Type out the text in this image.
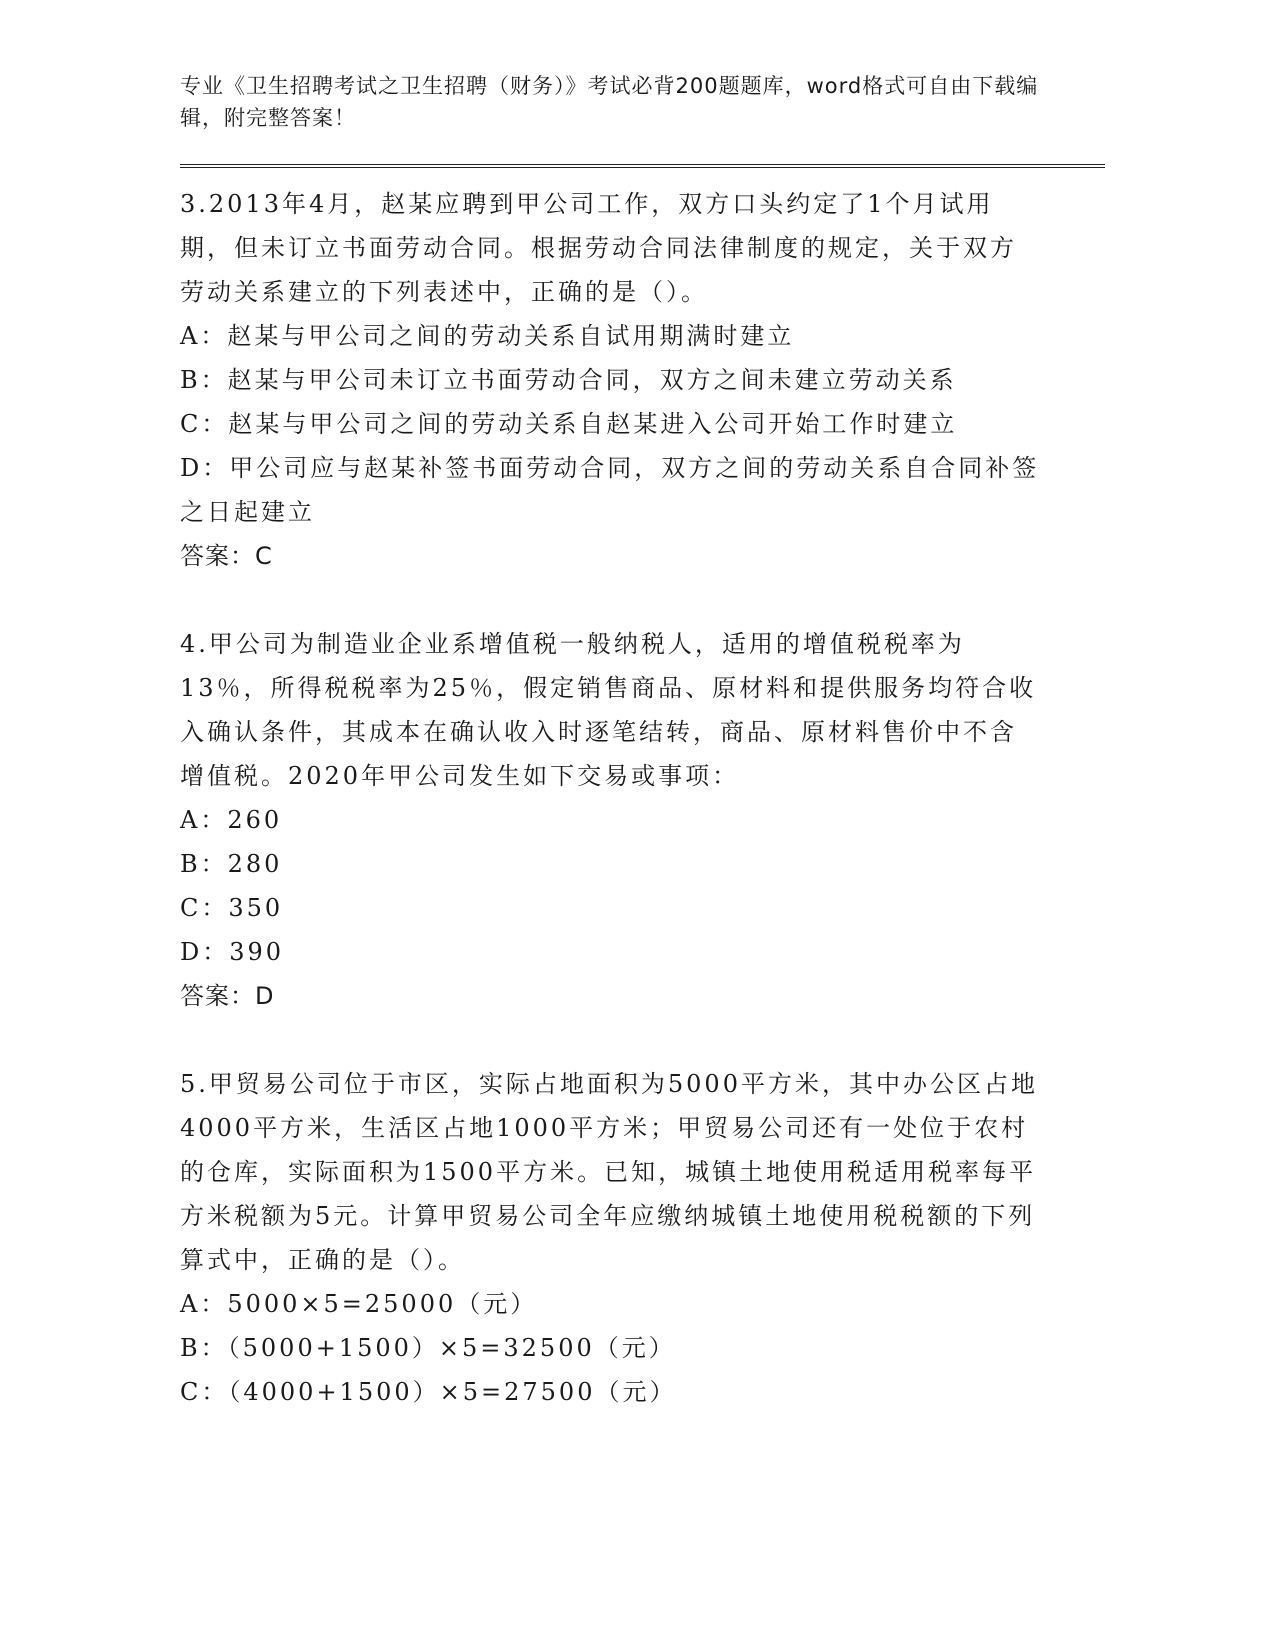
专业《卫生招聘考试之卫生招聘（财务）》考试必背200题题库，word格式可自由下载编辑，附完整答案！

3.2013年4月，赵某应聘到甲公司工作，双方口头约定了1个月试用期，但未订立书面劳动合同。根据劳动合同法律制度的规定，关于双方劳动关系建立的下列表述中，正确的是（）。

A：赵某与甲公司之间的劳动关系自试用期满时建立

B：赵某与甲公司未订立书面劳动合同，双方之间未建立劳动关系

C：赵某与甲公司之间的劳动关系自赵某进入公司开始工作时建立

D：甲公司应与赵某补签书面劳动合同，双方之间的劳动关系自合同补签之日起建立

答案：C

4.甲公司为制造业企业系增值税一般纳税人，适用的增值税税率为13％，所得税税率为25％，假定销售商品、原材料和提供服务均符合收入确认条件，其成本在确认收入时逐笔结转，商品、原材料售价中不含增值税。2020年甲公司发生如下交易或事项：

A：260

B：280

C：350

D：390

答案：D

5.甲贸易公司位于市区，实际占地面积为5000平方米，其中办公区占地4000平方米，生活区占地1000平方米；甲贸易公司还有一处位于农村的仓库，实际面积为1500平方米。已知，城镇土地使用税适用税率每平方米税额为5元。计算甲贸易公司全年应缴纳城镇土地使用税税额的下列算式中，正确的是（）。

A：5000×5=25000（元）

B：（5000+1500）×5=32500（元）

C：（4000+1500）×5=27500（元）
